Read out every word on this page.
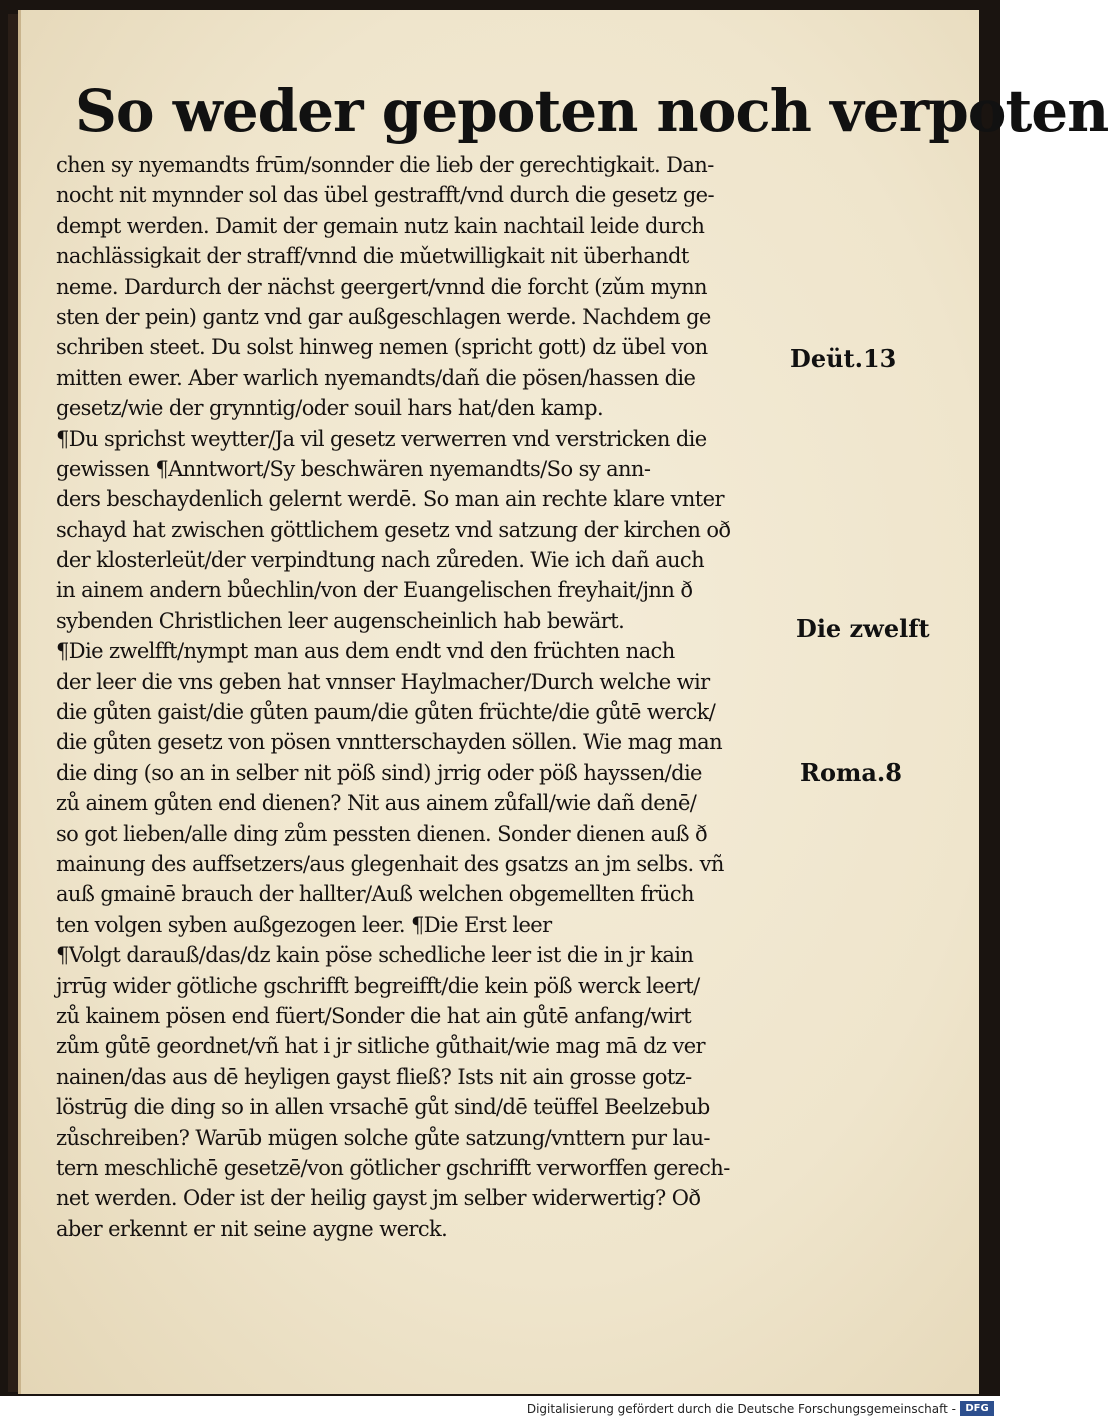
So weder gepoten noch verpoten
chen sy nyemandts frūm/sonnder die lieb der gerechtigkait. Dan-
nocht nit mynnder sol das übel gestrafft/vnd durch die gesetz ge-
dempt werden. Damit der gemain nutz kain nachtail leide durch
nachlässigkait der straff/vnnd die mǔetwilligkait nit überhandt
neme. Dardurch der nächst geergert/vnnd die forcht (zǔm mynn
sten der pein) gantz vnd gar außgeschlagen werde. Nachdem ge
schriben steet. Du solst hinweg nemen (spricht gott) dz übel von
mitten ewer. Aber warlich nyemandts/dañ die pösen/hassen die
gesetz/wie der grynntig/oder souil hars hat/den kamp.
¶Du sprichst weytter/Ja vil gesetz verwerren vnd verstricken die
gewissen ¶Anntwort/Sy beschwären nyemandts/So sy ann-
ders beschaydenlich gelernt werdē. So man ain rechte klare vnter
schayd hat zwischen göttlichem gesetz vnd satzung der kirchen oð
der klosterleüt/der verpindtung nach zůreden. Wie ich dañ auch
in ainem andern bůechlin/von der Euangelischen freyhait/jnn ð
sybenden Christlichen leer augenscheinlich hab bewärt.
¶Die zwelfft/nympt man aus dem endt vnd den früchten nach
der leer die vns geben hat vnnser Haylmacher/Durch welche wir
die gůten gaist/die gůten paum/die gůten früchte/die gůtē werck/
die gůten gesetz von pösen vnntterschayden söllen. Wie mag man
die ding (so an in selber nit pöß sind) jrrig oder pöß hayssen/die
zů ainem gůten end dienen? Nit aus ainem zůfall/wie dañ denē/
so got lieben/alle ding zům pessten dienen. Sonder dienen auß ð
mainung des auffsetzers/aus glegenhait des gsatzs an jm selbs. vñ
auß gmainē brauch der hallter/Auß welchen obgemellten früch
ten volgen syben außgezogen leer. ¶Die Erst leer
¶Volgt darauß/das/dz kain pöse schedliche leer ist die in jr kain
jrrūg wider götliche gschrifft begreifft/die kein pöß werck leert/
zů kainem pösen end füert/Sonder die hat ain gůtē anfang/wirt
zům gůtē geordnet/vñ hat i jr sitliche gůthait/wie mag mā dz ver
nainen/das aus dē heyligen gayst fließ? Ists nit ain grosse gotz-
löstrūg die ding so in allen vrsachē gůt sind/dē teüffel Beelzebub
zůschreiben? Warūb mügen solche gůte satzung/vnttern pur lau-
tern meschlichē gesetzē/von götlicher gschrifft verworffen gerech-
net werden. Oder ist der heilig gayst jm selber widerwertig? Oð
aber erkennt er nit seine aygne werck.
Deüt.13
Die zwelft
Roma.8
Digitalisierung gefördert durch die Deutsche Forschungsgemeinschaft - DFG
